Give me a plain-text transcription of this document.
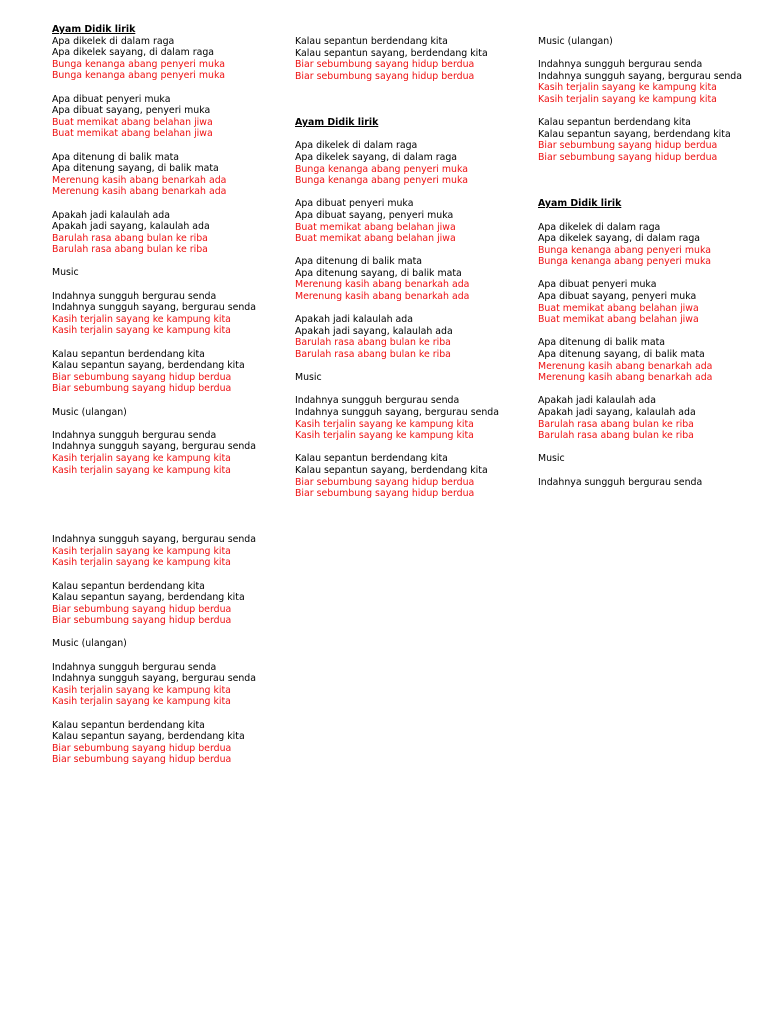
Ayam Didik lirik
Apa dikelek di dalam raga
Apa dikelek sayang, di dalam raga
Bunga kenanga abang penyeri muka
Bunga kenanga abang penyeri muka
Apa dibuat penyeri muka
Apa dibuat sayang, penyeri muka
Buat memikat abang belahan jiwa
Buat memikat abang belahan jiwa
Apa ditenung di balik mata
Apa ditenung sayang, di balik mata
Merenung kasih abang benarkah ada
Merenung kasih abang benarkah ada
Apakah jadi kalaulah ada
Apakah jadi sayang, kalaulah ada
Barulah rasa abang bulan ke riba
Barulah rasa abang bulan ke riba
Music
Indahnya sungguh bergurau senda
Indahnya sungguh sayang, bergurau senda
Kasih terjalin sayang ke kampung kita
Kasih terjalin sayang ke kampung kita
Kalau sepantun berdendang kita
Kalau sepantun sayang, berdendang kita
Biar sebumbung sayang hidup berdua
Biar sebumbung sayang hidup berdua
Music (ulangan)
Indahnya sungguh bergurau senda
Indahnya sungguh sayang, bergurau senda
Kasih terjalin sayang ke kampung kita
Kasih terjalin sayang ke kampung kita
Indahnya sungguh sayang, bergurau senda
Kasih terjalin sayang ke kampung kita
Kasih terjalin sayang ke kampung kita
Kalau sepantun berdendang kita
Kalau sepantun sayang, berdendang kita
Biar sebumbung sayang hidup berdua
Biar sebumbung sayang hidup berdua
Music (ulangan)
Indahnya sungguh bergurau senda
Indahnya sungguh sayang, bergurau senda
Kasih terjalin sayang ke kampung kita
Kasih terjalin sayang ke kampung kita
Kalau sepantun berdendang kita
Kalau sepantun sayang, berdendang kita
Biar sebumbung sayang hidup berdua
Biar sebumbung sayang hidup berdua
Kalau sepantun berdendang kita
Kalau sepantun sayang, berdendang kita
Biar sebumbung sayang hidup berdua
Biar sebumbung sayang hidup berdua
Ayam Didik lirik
Apa dikelek di dalam raga
Apa dikelek sayang, di dalam raga
Bunga kenanga abang penyeri muka
Bunga kenanga abang penyeri muka
Apa dibuat penyeri muka
Apa dibuat sayang, penyeri muka
Buat memikat abang belahan jiwa
Buat memikat abang belahan jiwa
Apa ditenung di balik mata
Apa ditenung sayang, di balik mata
Merenung kasih abang benarkah ada
Merenung kasih abang benarkah ada
Apakah jadi kalaulah ada
Apakah jadi sayang, kalaulah ada
Barulah rasa abang bulan ke riba
Barulah rasa abang bulan ke riba
Music
Indahnya sungguh bergurau senda
Indahnya sungguh sayang, bergurau senda
Kasih terjalin sayang ke kampung kita
Kasih terjalin sayang ke kampung kita
Kalau sepantun berdendang kita
Kalau sepantun sayang, berdendang kita
Biar sebumbung sayang hidup berdua
Biar sebumbung sayang hidup berdua
Music (ulangan)
Indahnya sungguh bergurau senda
Indahnya sungguh sayang, bergurau senda
Kasih terjalin sayang ke kampung kita
Kasih terjalin sayang ke kampung kita
Kalau sepantun berdendang kita
Kalau sepantun sayang, berdendang kita
Biar sebumbung sayang hidup berdua
Biar sebumbung sayang hidup berdua
Ayam Didik lirik
Apa dikelek di dalam raga
Apa dikelek sayang, di dalam raga
Bunga kenanga abang penyeri muka
Bunga kenanga abang penyeri muka
Apa dibuat penyeri muka
Apa dibuat sayang, penyeri muka
Buat memikat abang belahan jiwa
Buat memikat abang belahan jiwa
Apa ditenung di balik mata
Apa ditenung sayang, di balik mata
Merenung kasih abang benarkah ada
Merenung kasih abang benarkah ada
Apakah jadi kalaulah ada
Apakah jadi sayang, kalaulah ada
Barulah rasa abang bulan ke riba
Barulah rasa abang bulan ke riba
Music
Indahnya sungguh bergurau senda
